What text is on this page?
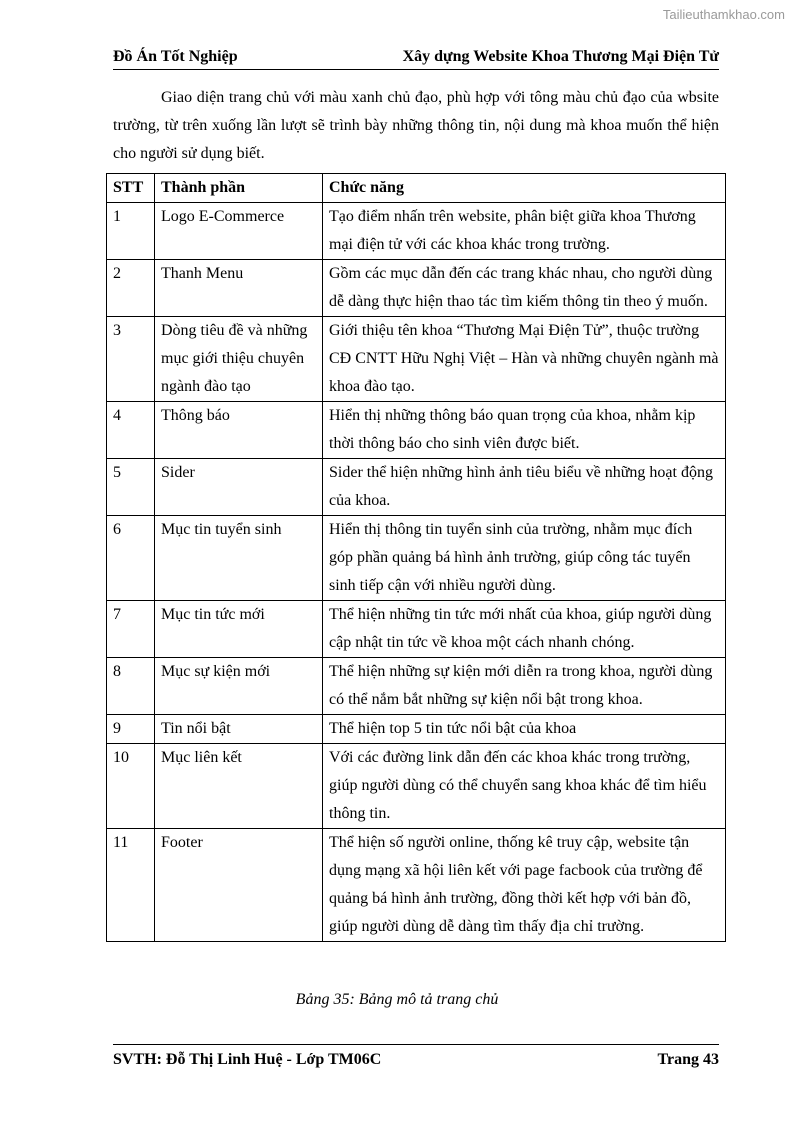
Tailieuthamkhao.com
Đồ Án Tốt Nghiệp	Xây dựng Website Khoa Thương Mại Điện Tử

Giao diện trang chủ với màu xanh chủ đạo, phù hợp với tông màu chủ đạo của wbsite trường, từ trên xuống lần lượt sẽ trình bày những thông tin, nội dung mà khoa muốn thể hiện cho người sử dụng biết.

STT	Thành phần	Chức năng
1	Logo E-Commerce	Tạo điểm nhấn trên website, phân biệt giữa khoa Thương mại điện tử với các khoa khác trong trường.
2	Thanh Menu	Gồm các mục dẫn đến các trang khác nhau, cho người dùng dễ dàng thực hiện thao tác tìm kiếm thông tin theo ý muốn.
3	Dòng tiêu đề và những mục giới thiệu chuyên ngành đào tạo	Giới thiệu tên khoa “Thương Mại Điện Tử”, thuộc trường CĐ CNTT Hữu Nghị Việt – Hàn và những chuyên ngành mà khoa đào tạo.
4	Thông báo	Hiển thị những thông báo quan trọng của khoa, nhằm kịp thời thông báo cho sinh viên được biết.
5	Sider	Sider thể hiện những hình ảnh tiêu biểu về những hoạt động của khoa.
6	Mục tin tuyển sinh	Hiển thị thông tin tuyển sinh của trường, nhằm mục đích góp phần quảng bá hình ảnh trường, giúp công tác tuyển sinh tiếp cận với nhiều người dùng.
7	Mục tin tức mới	Thể hiện những tin tức mới nhất của khoa, giúp người dùng cập nhật tin tức về khoa một cách nhanh chóng.
8	Mục sự kiện mới	Thể hiện những sự kiện mới diễn ra trong khoa, người dùng có thể nắm bắt những sự kiện nổi bật trong khoa.
9	Tin nổi bật	Thể hiện top 5 tin tức nổi bật của khoa
10	Mục liên kết	Với các đường link dẫn đến các khoa khác trong trường, giúp người dùng có thể chuyển sang khoa khác để tìm hiểu thông tin.
11	Footer	Thể hiện số người online, thống kê truy cập, website tận dụng mạng xã hội liên kết với page facbook của trường để quảng bá hình ảnh trường, đồng thời kết hợp với bản đồ, giúp người dùng dễ dàng tìm thấy địa chỉ trường.
Bảng 35: Bảng mô tả trang chủ
SVTH: Đỗ Thị Linh Huệ - Lớp TM06C	Trang 43
